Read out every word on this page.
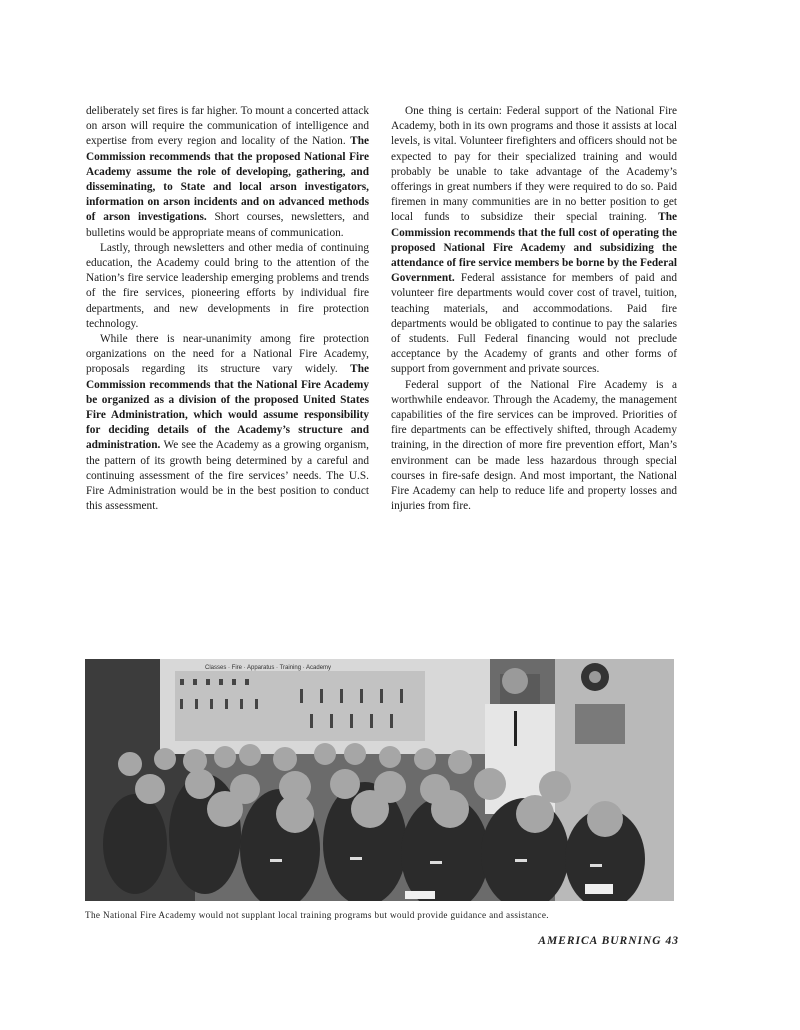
deliberately set fires is far higher. To mount a concerted attack on arson will require the communication of intelligence and expertise from every region and locality of the Nation. The Commission recommends that the proposed National Fire Academy assume the role of developing, gathering, and disseminating, to State and local arson investigators, information on arson incidents and on advanced methods of arson investigations. Short courses, newsletters, and bulletins would be appropriate means of communication.

Lastly, through newsletters and other media of continuing education, the Academy could bring to the attention of the Nation’s fire service leadership emerging problems and trends of the fire services, pioneering efforts by individual fire departments, and new developments in fire protection technology.

While there is near-unanimity among fire protection organizations on the need for a National Fire Academy, proposals regarding its structure vary widely. The Commission recommends that the National Fire Academy be organized as a division of the proposed United States Fire Administration, which would assume responsibility for deciding details of the Academy’s structure and administration. We see the Academy as a growing organism, the pattern of its growth being determined by a careful and continuing assessment of the fire services’ needs. The U.S. Fire Administration would be in the best position to conduct this assessment.

One thing is certain: Federal support of the National Fire Academy, both in its own programs and those it assists at local levels, is vital. Volunteer firefighters and officers should not be expected to pay for their specialized training and would probably be unable to take advantage of the Academy’s offerings in great numbers if they were required to do so. Paid firemen in many communities are in no better position to get local funds to subsidize their special training. The Commission recommends that the full cost of operating the proposed National Fire Academy and subsidizing the attendance of fire service members be borne by the Federal Government. Federal assistance for members of paid and volunteer fire departments would cover cost of travel, tuition, teaching materials, and accommodations. Paid fire departments would be obligated to continue to pay the salaries of students. Full Federal financing would not preclude acceptance by the Academy of grants and other forms of support from government and private sources.

Federal support of the National Fire Academy is a worthwhile endeavor. Through the Academy, the management capabilities of the fire services can be improved. Priorities of fire departments can be effectively shifted, through Academy training, in the direction of more fire prevention effort, Man’s environment can be made less hazardous through special courses in fire-safe design. And most important, the National Fire Academy can help to reduce life and property losses and injuries from fire.

Classes · Fire · Apparatus · Training · Academy
The National Fire Academy would not supplant local training programs but would provide guidance and assistance.
AMERICA BURNING 43
